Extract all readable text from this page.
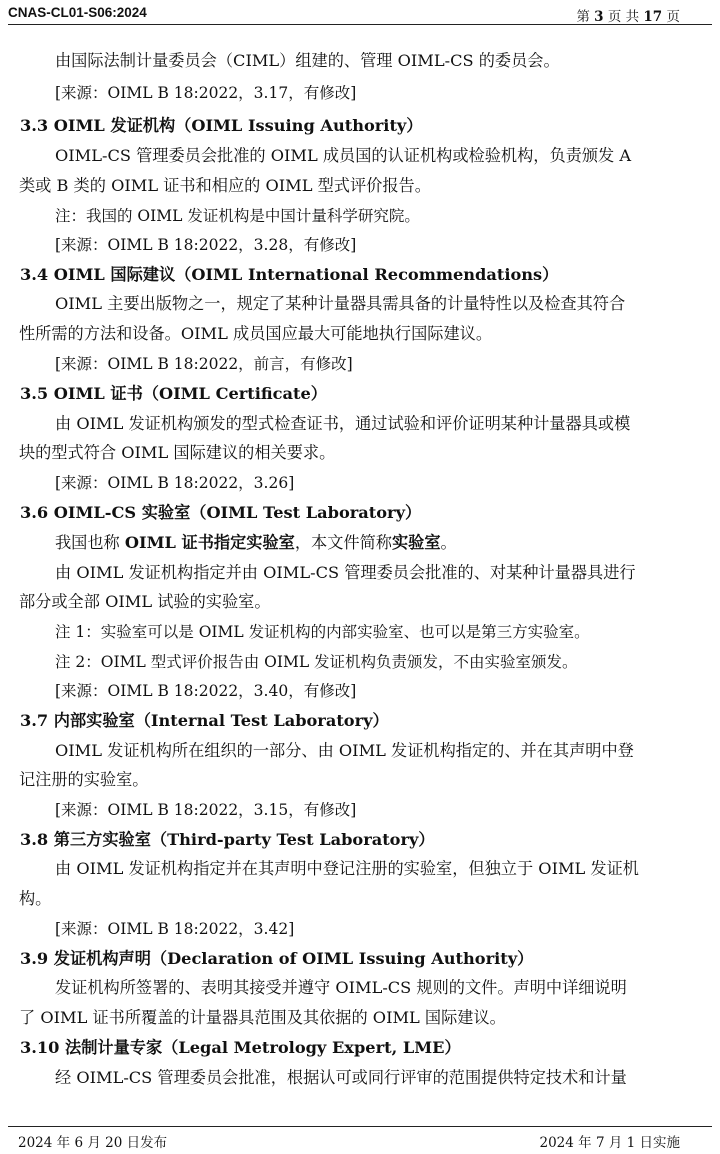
CNAS-CL01-S06:2024	第 3 页 共 17 页
由国际法制计量委员会（CIML）组建的、管理 OIML-CS 的委员会。
[来源：OIML B 18:2022，3.17，有修改]
3.3 OIML 发证机构（OIML Issuing Authority）
OIML-CS 管理委员会批准的 OIML 成员国的认证机构或检验机构，负责颁发 A
类或 B 类的 OIML 证书和相应的 OIML 型式评价报告。
注：我国的 OIML 发证机构是中国计量科学研究院。
[来源：OIML B 18:2022，3.28，有修改]
3.4 OIML 国际建议（OIML International Recommendations）
OIML 主要出版物之一，规定了某种计量器具需具备的计量特性以及检查其符合
性所需的方法和设备。OIML 成员国应最大可能地执行国际建议。
[来源：OIML B 18:2022，前言，有修改]
3.5 OIML 证书（OIML Certificate）
由 OIML 发证机构颁发的型式检查证书，通过试验和评价证明某种计量器具或模
块的型式符合 OIML 国际建议的相关要求。
[来源：OIML B 18:2022，3.26]
3.6 OIML-CS 实验室（OIML Test Laboratory）
我国也称 OIML 证书指定实验室，本文件简称实验室。
由 OIML 发证机构指定并由 OIML-CS 管理委员会批准的、对某种计量器具进行
部分或全部 OIML 试验的实验室。
注 1：实验室可以是 OIML 发证机构的内部实验室、也可以是第三方实验室。
注 2：OIML 型式评价报告由 OIML 发证机构负责颁发，不由实验室颁发。
[来源：OIML B 18:2022，3.40，有修改]
3.7 内部实验室（Internal Test Laboratory）
OIML 发证机构所在组织的一部分、由 OIML 发证机构指定的、并在其声明中登
记注册的实验室。
[来源：OIML B 18:2022，3.15，有修改]
3.8 第三方实验室（Third-party Test Laboratory）
由 OIML 发证机构指定并在其声明中登记注册的实验室，但独立于 OIML 发证机
构。
[来源：OIML B 18:2022，3.42]
3.9 发证机构声明（Declaration of OIML Issuing Authority）
发证机构所签署的、表明其接受并遵守 OIML-CS 规则的文件。声明中详细说明
了 OIML 证书所覆盖的计量器具范围及其依据的 OIML 国际建议。
3.10 法制计量专家（Legal Metrology Expert, LME）
经 OIML-CS 管理委员会批准，根据认可或同行评审的范围提供特定技术和计量
2024 年 6 月 20 日发布	2024 年 7 月 1 日实施
